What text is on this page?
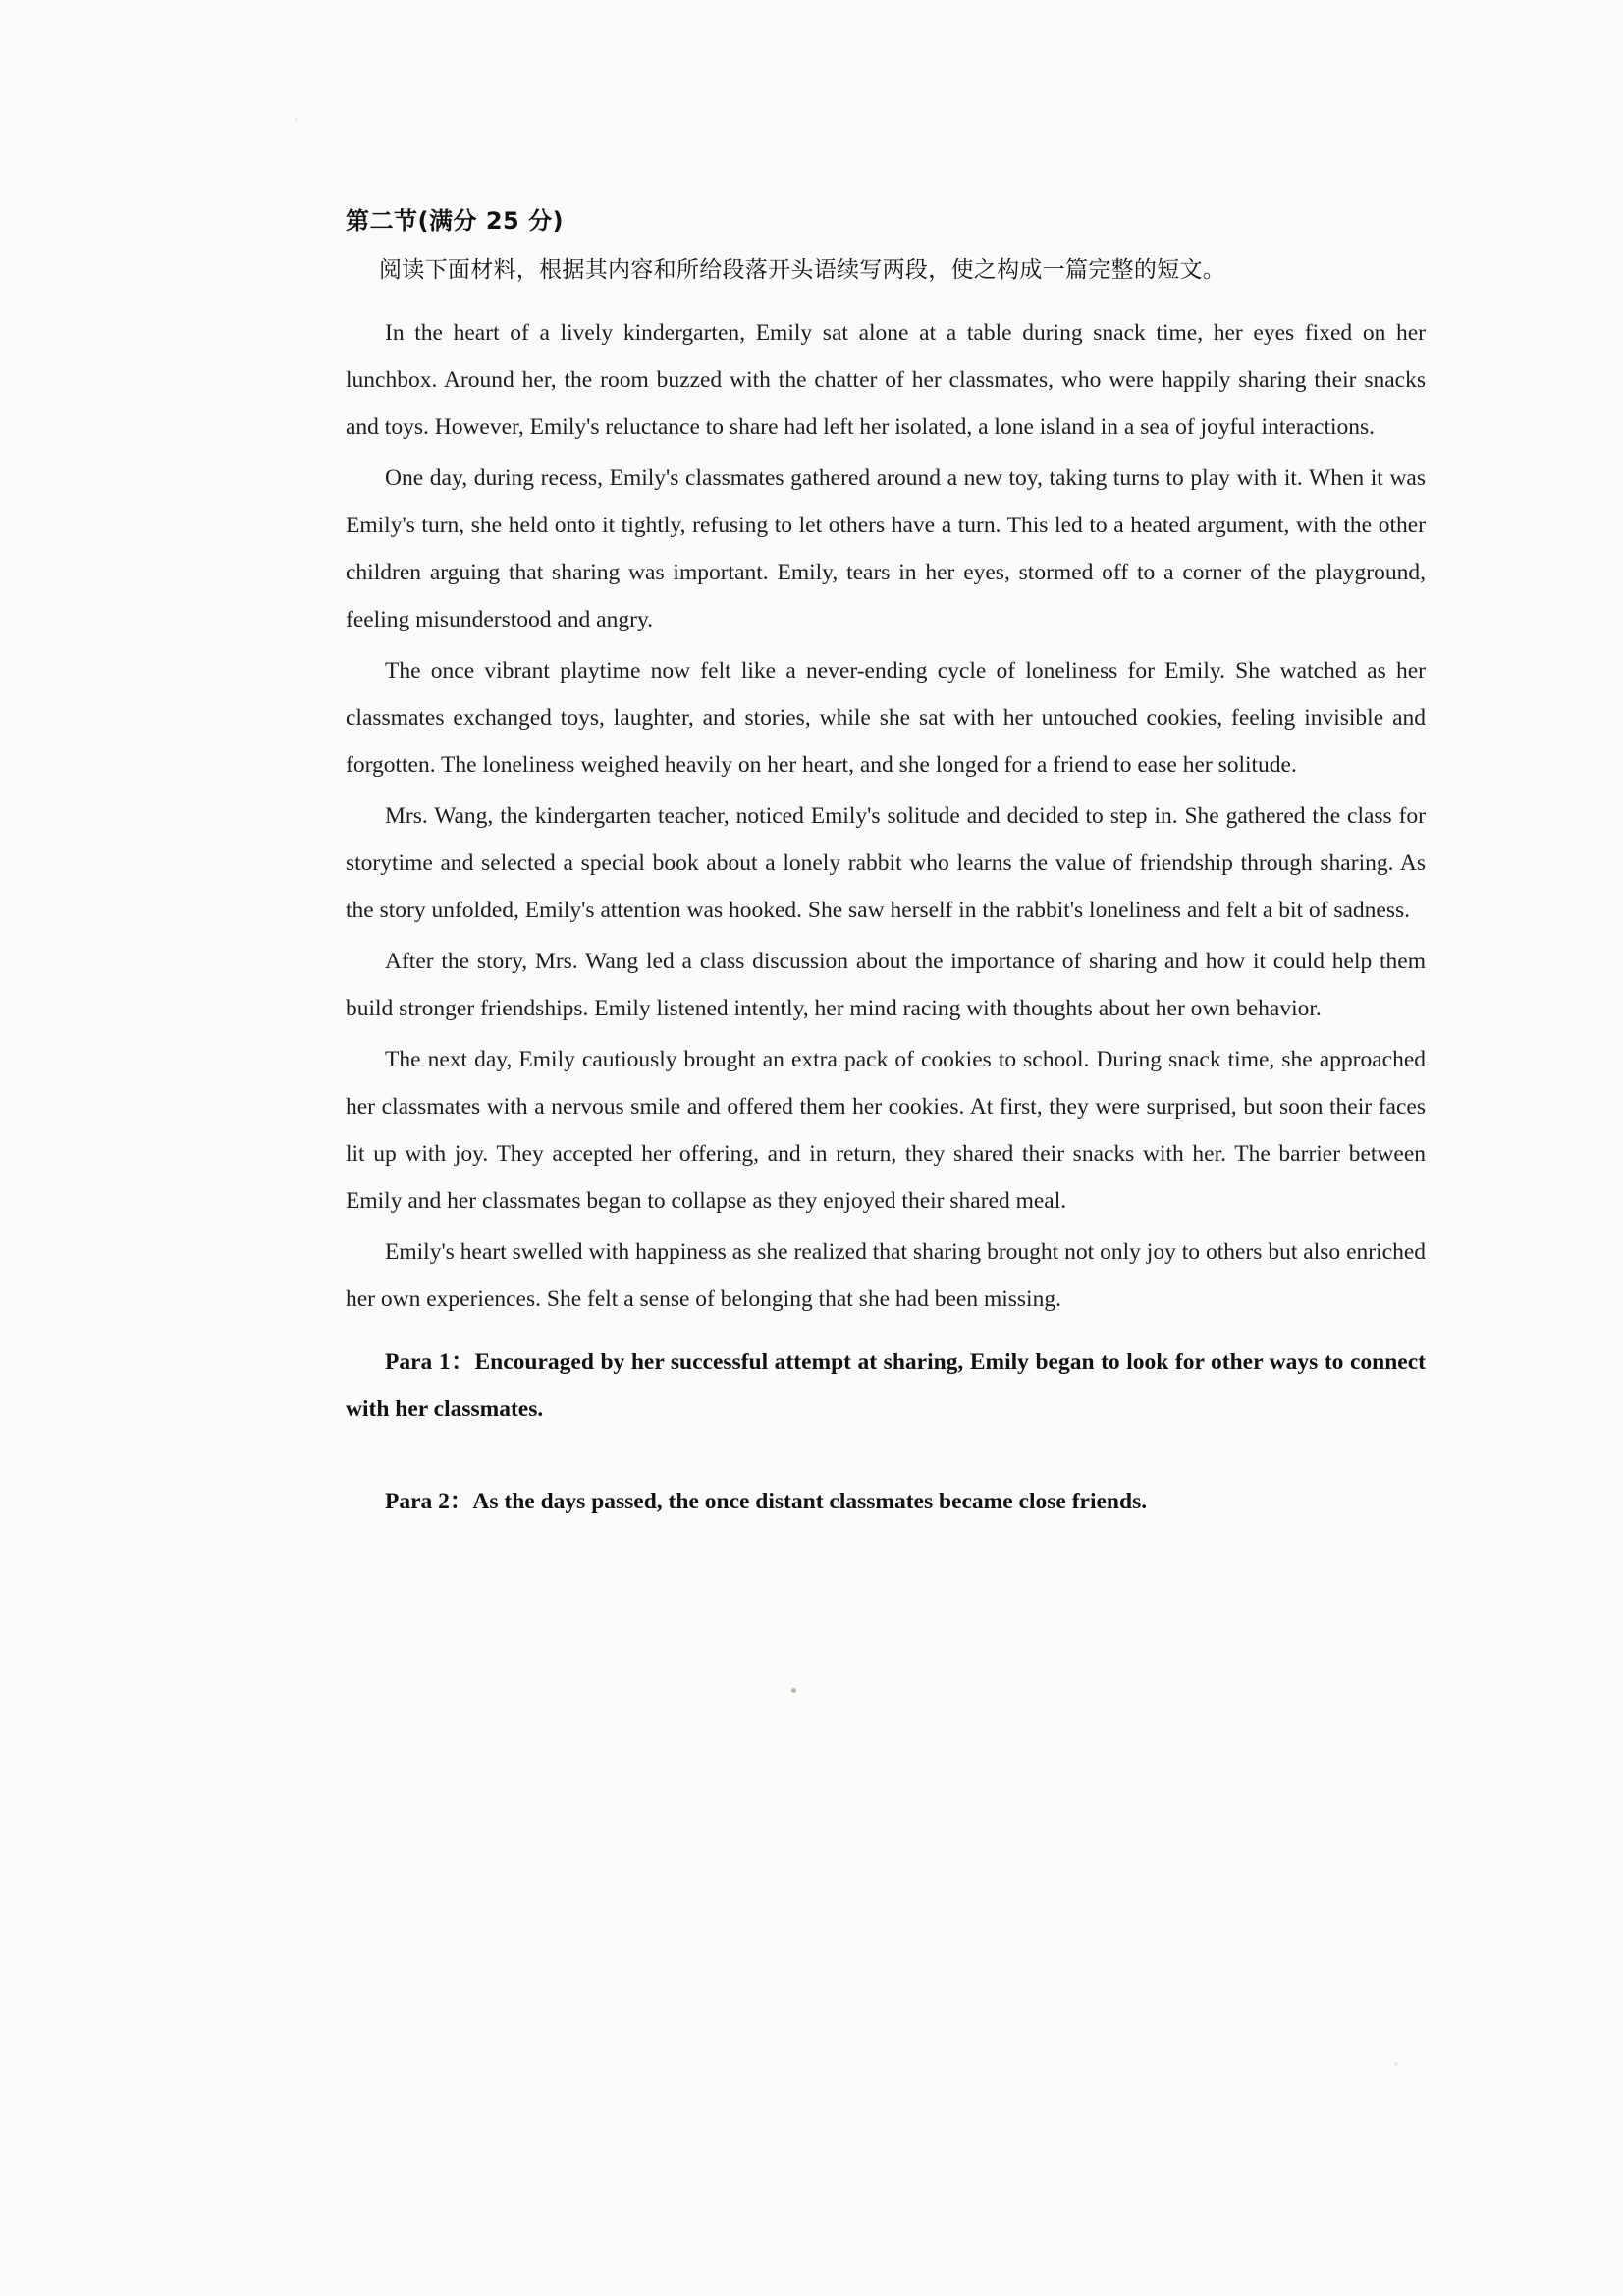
第二节(满分 25 分)
阅读下面材料，根据其内容和所给段落开头语续写两段，使之构成一篇完整的短文。

In the heart of a lively kindergarten, Emily sat alone at a table during snack time, her eyes fixed on her lunchbox. Around her, the room buzzed with the chatter of her classmates, who were happily sharing their snacks and toys. However, Emily's reluctance to share had left her isolated, a lone island in a sea of joyful interactions.

One day, during recess, Emily's classmates gathered around a new toy, taking turns to play with it. When it was Emily's turn, she held onto it tightly, refusing to let others have a turn. This led to a heated argument, with the other children arguing that sharing was important. Emily, tears in her eyes, stormed off to a corner of the playground, feeling misunderstood and angry.

The once vibrant playtime now felt like a never-ending cycle of loneliness for Emily. She watched as her classmates exchanged toys, laughter, and stories, while she sat with her untouched cookies, feeling invisible and forgotten. The loneliness weighed heavily on her heart, and she longed for a friend to ease her solitude.

Mrs. Wang, the kindergarten teacher, noticed Emily's solitude and decided to step in. She gathered the class for storytime and selected a special book about a lonely rabbit who learns the value of friendship through sharing. As the story unfolded, Emily's attention was hooked. She saw herself in the rabbit's loneliness and felt a bit of sadness.

After the story, Mrs. Wang led a class discussion about the importance of sharing and how it could help them build stronger friendships. Emily listened intently, her mind racing with thoughts about her own behavior.

The next day, Emily cautiously brought an extra pack of cookies to school. During snack time, she approached her classmates with a nervous smile and offered them her cookies. At first, they were surprised, but soon their faces lit up with joy. They accepted her offering, and in return, they shared their snacks with her. The barrier between Emily and her classmates began to collapse as they enjoyed their shared meal.

Emily's heart swelled with happiness as she realized that sharing brought not only joy to others but also enriched her own experiences. She felt a sense of belonging that she had been missing.

Para 1：Encouraged by her successful attempt at sharing, Emily began to look for other ways to connect with her classmates.

Para 2：As the days passed, the once distant classmates became close friends.
